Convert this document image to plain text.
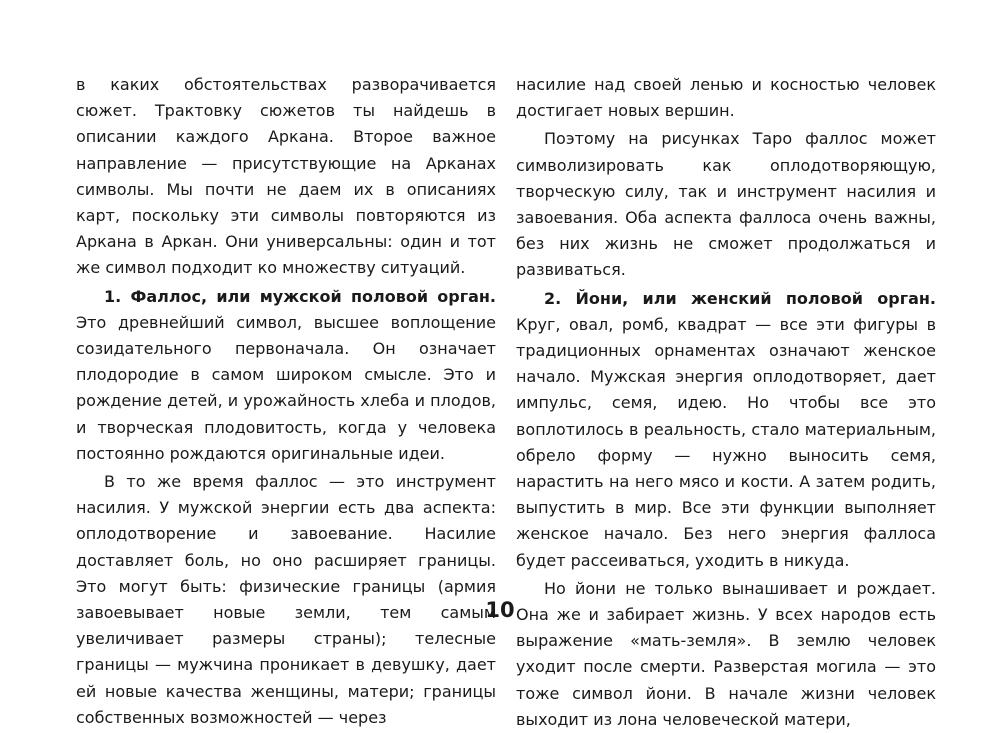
в каких обстоятельствах разворачивается сюжет. Трактовку сюжетов ты найдешь в описании каждого Аркана. Второе важное направление — присутствующие на Арканах символы. Мы почти не даем их в описаниях карт, поскольку эти символы повторяются из Аркана в Аркан. Они универсальны: один и тот же символ подходит ко множеству ситуаций.

1. Фаллос, или мужской половой орган. Это древнейший символ, высшее воплощение созидательного первоначала. Он означает плодородие в самом широком смысле. Это и рождение детей, и урожайность хлеба и плодов, и творческая плодовитость, когда у человека постоянно рождаются оригинальные идеи.

В то же время фаллос — это инструмент насилия. У мужской энергии есть два аспекта: оплодотворение и завоевание. Насилие доставляет боль, но оно расширяет границы. Это могут быть: физические границы (армия завоевывает новые земли, тем самым увеличивает размеры страны); телесные границы — мужчина проникает в девушку, дает ей новые качества женщины, матери; границы собственных возможностей — через

насилие над своей ленью и косностью человек достигает новых вершин.

Поэтому на рисунках Таро фаллос может символизировать как оплодотворяющую, творческую силу, так и инструмент насилия и завоевания. Оба аспекта фаллоса очень важны, без них жизнь не сможет продолжаться и развиваться.

2. Йони, или женский половой орган. Круг, овал, ромб, квадрат — все эти фигуры в традиционных орнаментах означают женское начало. Мужская энергия оплодотворяет, дает импульс, семя, идею. Но чтобы все это воплотилось в реальность, стало материальным, обрело форму — нужно выносить семя, нарастить на него мясо и кости. А затем родить, выпустить в мир. Все эти функции выполняет женское начало. Без него энергия фаллоса будет рассеиваться, уходить в никуда.

Но йони не только вынашивает и рождает. Она же и забирает жизнь. У всех народов есть выражение «мать-земля». В землю человек уходит после смерти. Разверстая могила — это тоже символ йони. В начале жизни человек выходит из лона человеческой матери,

10
